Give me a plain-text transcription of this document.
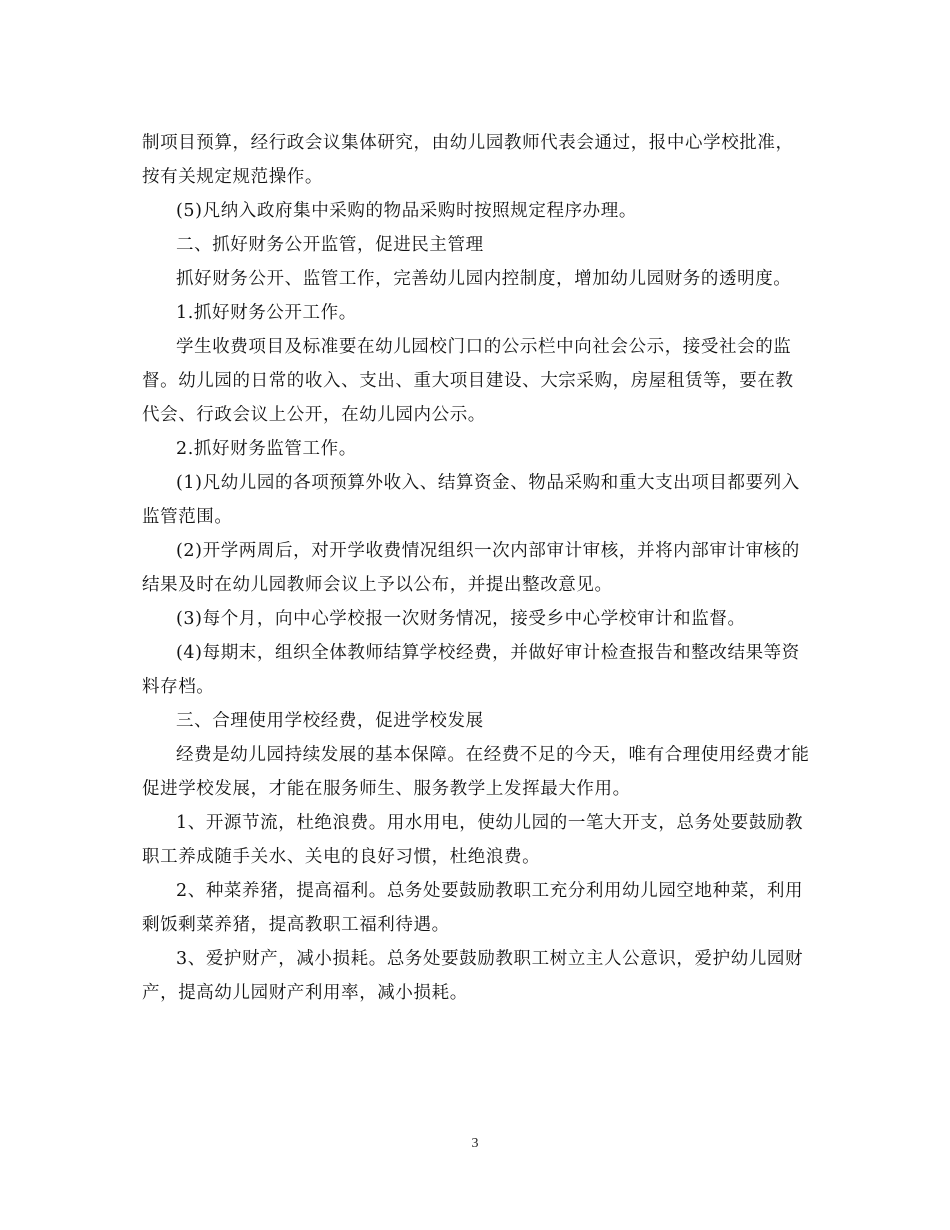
制项目预算，经行政会议集体研究，由幼儿园教师代表会通过，报中心学校批准，按有关规定规范操作。

(5)凡纳入政府集中采购的物品采购时按照规定程序办理。

二、抓好财务公开监管，促进民主管理

抓好财务公开、监管工作，完善幼儿园内控制度，增加幼儿园财务的透明度。

1.抓好财务公开工作。

学生收费项目及标准要在幼儿园校门口的公示栏中向社会公示，接受社会的监督。幼儿园的日常的收入、支出、重大项目建设、大宗采购，房屋租赁等，要在教代会、行政会议上公开，在幼儿园内公示。

2.抓好财务监管工作。

(1)凡幼儿园的各项预算外收入、结算资金、物品采购和重大支出项目都要列入监管范围。

(2)开学两周后，对开学收费情况组织一次内部审计审核，并将内部审计审核的结果及时在幼儿园教师会议上予以公布，并提出整改意见。

(3)每个月，向中心学校报一次财务情况，接受乡中心学校审计和监督。

(4)每期末，组织全体教师结算学校经费，并做好审计检查报告和整改结果等资料存档。

三、合理使用学校经费，促进学校发展

经费是幼儿园持续发展的基本保障。在经费不足的今天，唯有合理使用经费才能促进学校发展，才能在服务师生、服务教学上发挥最大作用。

1、开源节流，杜绝浪费。用水用电，使幼儿园的一笔大开支，总务处要鼓励教职工养成随手关水、关电的良好习惯，杜绝浪费。

2、种菜养猪，提高福利。总务处要鼓励教职工充分利用幼儿园空地种菜，利用剩饭剩菜养猪，提高教职工福利待遇。

3、爱护财产，减小损耗。总务处要鼓励教职工树立主人公意识，爱护幼儿园财产，提高幼儿园财产利用率，减小损耗。

3
